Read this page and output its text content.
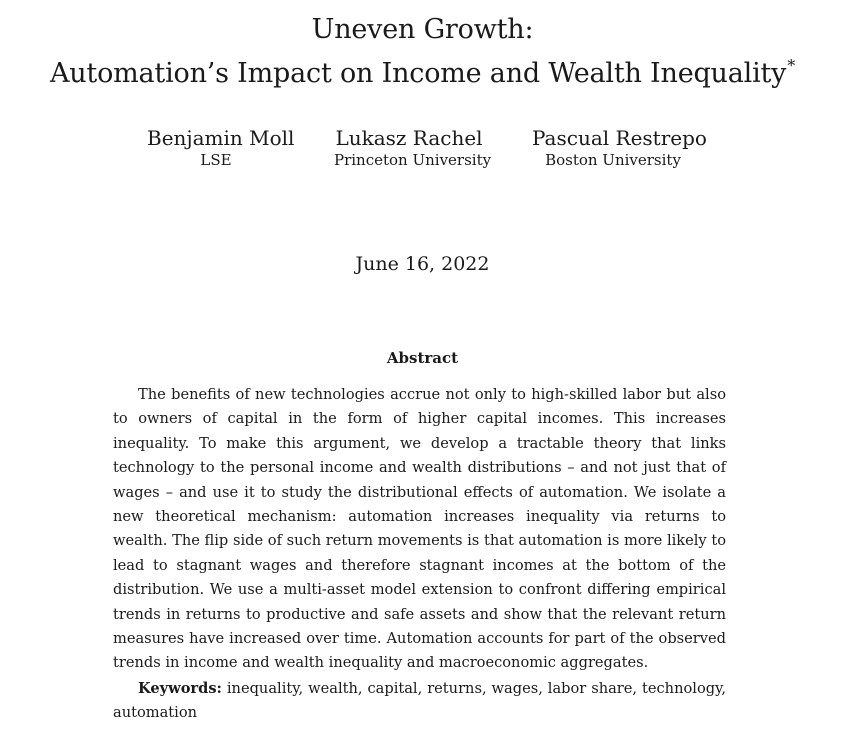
Uneven Growth:
Automation’s Impact on Income and Wealth Inequality*
Benjamin Moll
LSE
Lukasz Rachel
Princeton University
Pascual Restrepo
Boston University
June 16, 2022
Abstract

The benefits of new technologies accrue not only to high-skilled labor but also to owners of capital in the form of higher capital incomes. This increases inequality. To make this argument, we develop a tractable theory that links technology to the personal income and wealth distributions – and not just that of wages – and use it to study the distributional effects of automation. We isolate a new theoretical mechanism: automation increases inequality via returns to wealth. The flip side of such return movements is that automation is more likely to lead to stagnant wages and therefore stagnant incomes at the bottom of the distribution. We use a multi-asset model extension to confront differing empirical trends in returns to productive and safe assets and show that the relevant return measures have increased over time. Automation accounts for part of the observed trends in income and wealth inequality and macroeconomic aggregates.

Keywords: inequality, wealth, capital, returns, wages, labor share, technology, automation
